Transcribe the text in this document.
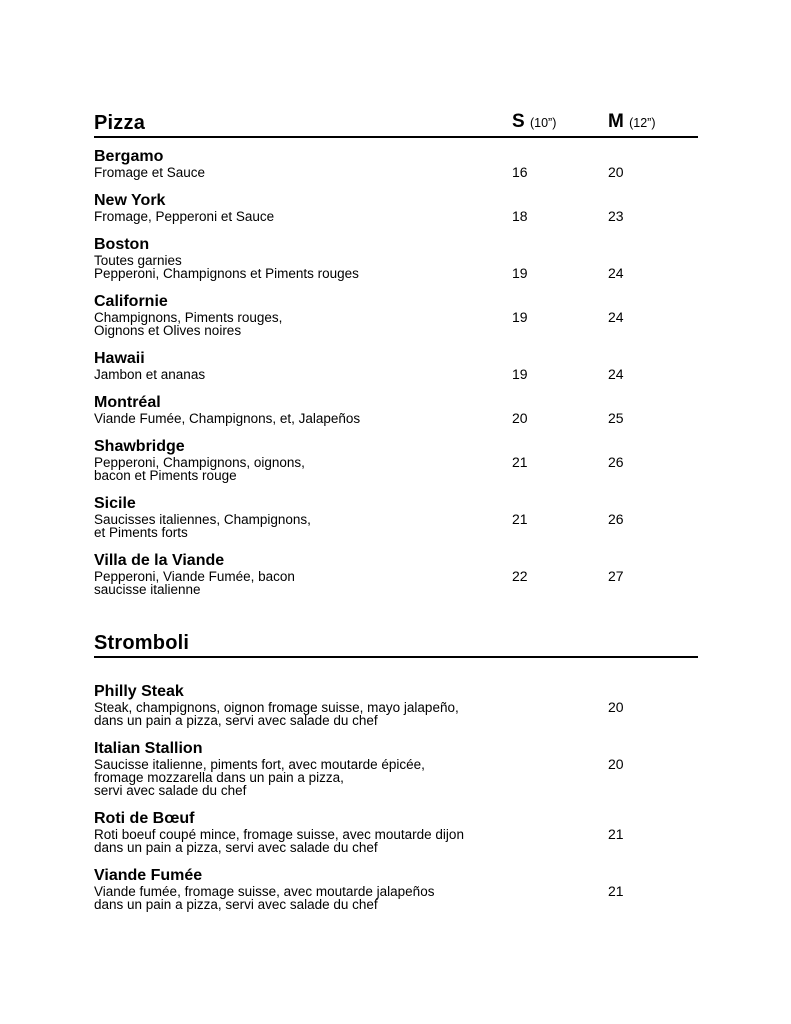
Pizza	S (10”)	M (12”)
Bergamo
Fromage et Sauce	16	20
New York
Fromage, Pepperoni et Sauce	18	23
Boston
Toutes garnies
Pepperoni, Champignons et Piments rouges	19	24
Californie
Champignons, Piments rouges,	19	24
Oignons et Olives noires
Hawaii
Jambon et ananas	19	24
Montréal
Viande Fumée, Champignons, et, Jalapeños	20	25
Shawbridge
Pepperoni, Champignons, oignons,	21	26
bacon et Piments rouge
Sicile
Saucisses italiennes, Champignons,	21	26
et Piments forts
Villa de la Viande
Pepperoni, Viande Fumée, bacon	22	27
saucisse italienne
Stromboli
Philly Steak
Steak, champignons, oignon fromage suisse, mayo jalapeño,	20
dans un pain a pizza, servi avec salade du chef
Italian Stallion
Saucisse italienne, piments fort, avec moutarde épicée,	20
fromage mozzarella dans un pain a pizza,
servi avec salade du chef
Roti de Bœuf
Roti boeuf coupé mince, fromage suisse, avec moutarde dijon	21
dans un pain a pizza, servi avec salade du chef
Viande Fumée
Viande fumée, fromage suisse, avec moutarde jalapeños	21
dans un pain a pizza, servi avec salade du chef
